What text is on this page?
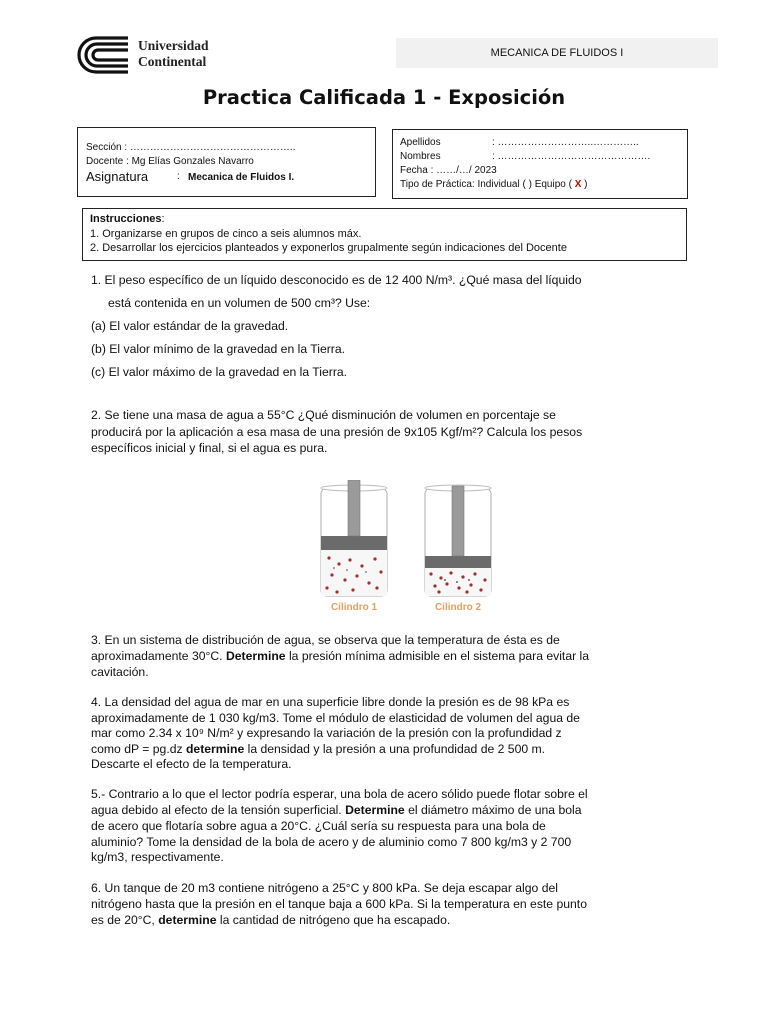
Universidad
Continental
MECANICA DE FLUIDOS I
Practica Calificada 1 - Exposición
Sección : …………………………………………..
Docente : Mg Elías Gonzales Navarro
Asignatura	: Mecanica de Fluidos I.
Apellidos	: ………………………..…………..
Nombres	: ……………………………………….
Fecha : ……/…/ 2023
Tipo de Práctica: Individual ( ) Equipo ( X )
Instrucciones:
1. Organizarse en grupos de cinco a seis alumnos máx.
2. Desarrollar los ejercicios planteados y exponerlos grupalmente según indicaciones del Docente
1. El peso específico de un líquido desconocido es de 12 400 N/m³. ¿Qué masa del líquido
está contenida en un volumen de 500 cm³? Use:
(a) El valor estándar de la gravedad.
(b) El valor mínimo de la gravedad en la Tierra.
(c) El valor máximo de la gravedad en la Tierra.
2. Se tiene una masa de agua a 55°C ¿Qué disminución de volumen en porcentaje se
producirá por la aplicación a esa masa de una presión de 9x105 Kgf/m²? Calcula los pesos
específicos inicial y final, si el agua es pura.
Cilindro 1	Cilindro 2
3. En un sistema de distribución de agua, se observa que la temperatura de ésta es de
aproximadamente 30°C. Determine la presión mínima admisible en el sistema para evitar la
cavitación.
4. La densidad del agua de mar en una superficie libre donde la presión es de 98 kPa es
aproximadamente de 1 030 kg/m3. Tome el módulo de elasticidad de volumen del agua de
mar como 2.34 x 10⁹ N/m² y expresando la variación de la presión con la profundidad z
como dP = pg.dz determine la densidad y la presión a una profundidad de 2 500 m.
Descarte el efecto de la temperatura.
5.- Contrario a lo que el lector podría esperar, una bola de acero sólido puede flotar sobre el
agua debido al efecto de la tensión superficial. Determine el diámetro máximo de una bola
de acero que flotaría sobre agua a 20°C. ¿Cuál sería su respuesta para una bola de
aluminio? Tome la densidad de la bola de acero y de aluminio como 7 800 kg/m3 y 2 700
kg/m3, respectivamente.
6. Un tanque de 20 m3 contiene nitrógeno a 25°C y 800 kPa. Se deja escapar algo del
nitrógeno hasta que la presión en el tanque baja a 600 kPa. Si la temperatura en este punto
es de 20°C, determine la cantidad de nitrógeno que ha escapado.
